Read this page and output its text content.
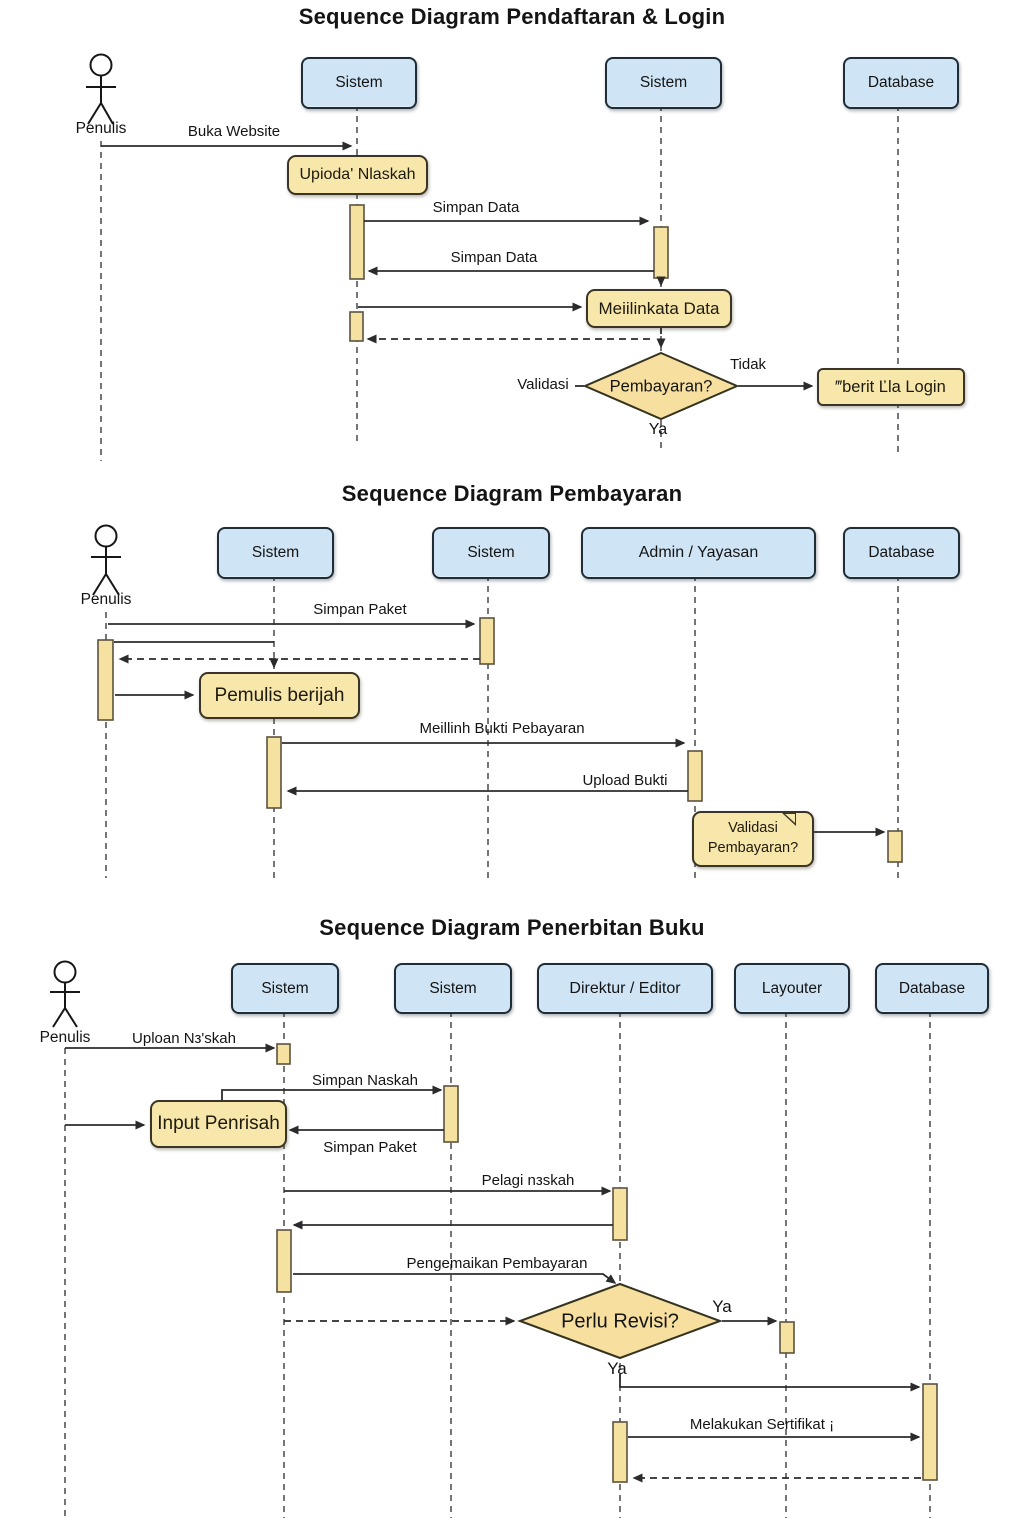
Sequence Diagram Pendaftaran & Login
Penulis
Sistem	Sistem	Database
Buka Website
Upioda' Nlaskah
Simpan Data
Simpan Data
Meiilinkata Data
Validasi Pembayaran?
Tidak
‴berit Ľla Login
Ya
Sequence Diagram Pembayaran
Penulis
Sistem	Sistem	Admin / Yayasan	Database
Simpan Paket
Pemulis berijah
Meillinh Bukti Pebayaran
Upload Bukti
Validasi
Pembayaran?
Sequence Diagram Penerbitan Buku
Penulis
Sistem	Sistem	Direktur / Editor	Layouter	Database
Uploan Nз'skah
Simpan Naskah
Input Penrisah
Simpan Paket
Pelagi nзskah
Pengemaikan Pembayaran
Perlu Revisi?
Ya
Ya
Melakukan Sertifikat ¡
